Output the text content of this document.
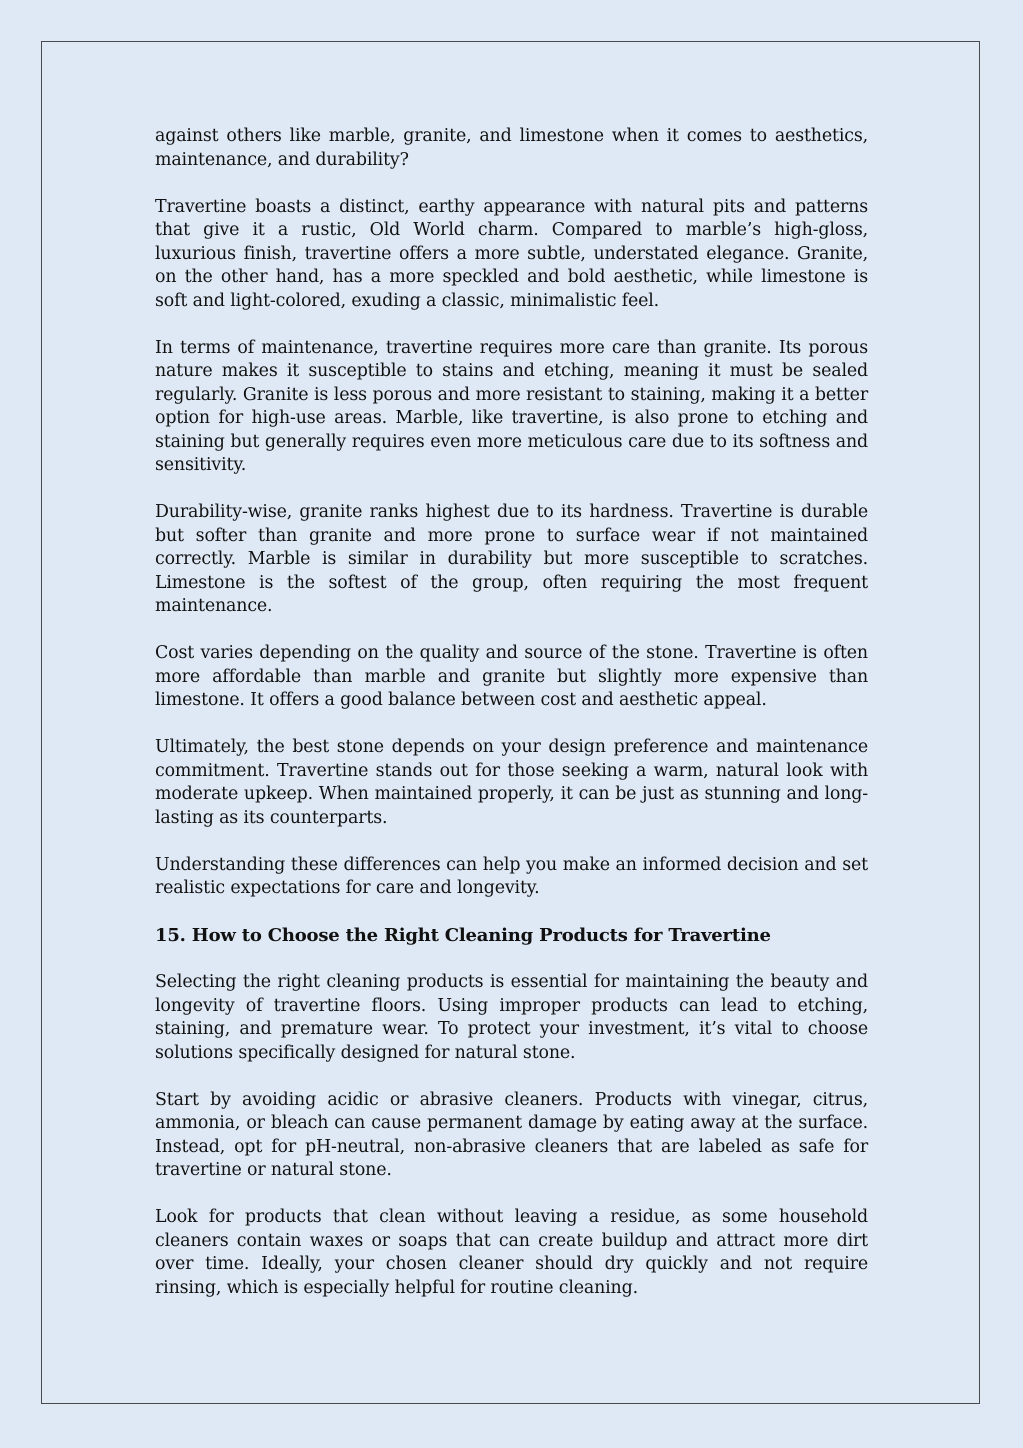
against others like marble, granite, and limestone when it comes to aesthetics, maintenance, and durability?

Travertine boasts a distinct, earthy appearance with natural pits and patterns that give it a rustic, Old World charm. Compared to marble’s high-gloss, luxurious finish, travertine offers a more subtle, understated elegance. Granite, on the other hand, has a more speckled and bold aesthetic, while limestone is soft and light-colored, exuding a classic, minimalistic feel.

In terms of maintenance, travertine requires more care than granite. Its porous nature makes it susceptible to stains and etching, meaning it must be sealed regularly. Granite is less porous and more resistant to staining, making it a better option for high-use areas. Marble, like travertine, is also prone to etching and staining but generally requires even more meticulous care due to its softness and sensitivity.

Durability-wise, granite ranks highest due to its hardness. Travertine is durable but softer than granite and more prone to surface wear if not maintained correctly. Marble is similar in durability but more susceptible to scratches. Limestone is the softest of the group, often requiring the most frequent maintenance.

Cost varies depending on the quality and source of the stone. Travertine is often more affordable than marble and granite but slightly more expensive than limestone. It offers a good balance between cost and aesthetic appeal.

Ultimately, the best stone depends on your design preference and maintenance commitment. Travertine stands out for those seeking a warm, natural look with moderate upkeep. When maintained properly, it can be just as stunning and long-lasting as its counterparts.

Understanding these differences can help you make an informed decision and set realistic expectations for care and longevity.

15. How to Choose the Right Cleaning Products for Travertine

Selecting the right cleaning products is essential for maintaining the beauty and longevity of travertine floors. Using improper products can lead to etching, staining, and premature wear. To protect your investment, it’s vital to choose solutions specifically designed for natural stone.

Start by avoiding acidic or abrasive cleaners. Products with vinegar, citrus, ammonia, or bleach can cause permanent damage by eating away at the surface. Instead, opt for pH-neutral, non-abrasive cleaners that are labeled as safe for travertine or natural stone.

Look for products that clean without leaving a residue, as some household cleaners contain waxes or soaps that can create buildup and attract more dirt over time. Ideally, your chosen cleaner should dry quickly and not require rinsing, which is especially helpful for routine cleaning.
